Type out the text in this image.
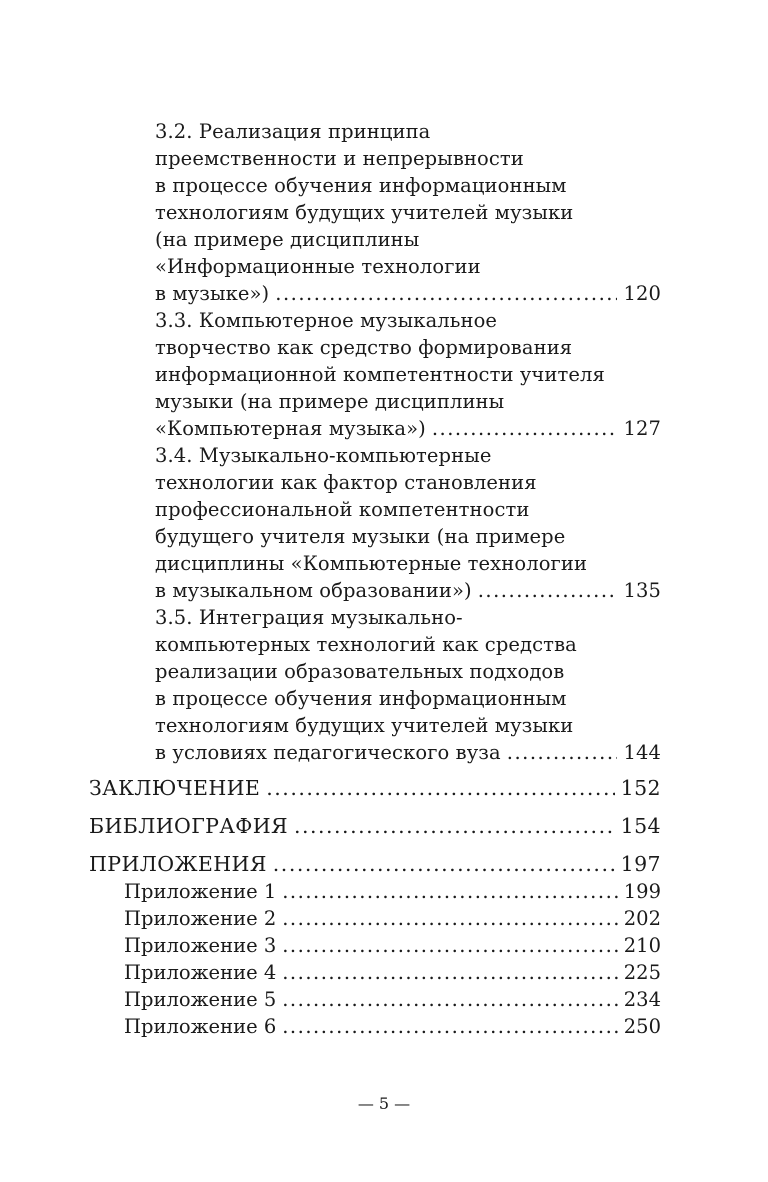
3.2. Реализация принципа
преемственности и непрерывности
в процессе обучения информационным
технологиям будущих учителей музыки
(на примере дисциплины
«Информационные технологии
в музыке») .....	120
3.3. Компьютерное музыкальное
творчество как средство формирования
информационной компетентности учителя
музыки (на примере дисциплины
«Компьютерная музыка») .....	127
3.4. Музыкально-компьютерные
технологии как фактор становления
профессиональной компетентности
будущего учителя музыки (на примере
дисциплины «Компьютерные технологии
в музыкальном образовании») .....	135
3.5. Интеграция музыкально-
компьютерных технологий как средства
реализации образовательных подходов
в процессе обучения информационным
технологиям будущих учителей музыки
в условиях педагогического вуза .....	144
ЗАКЛЮЧЕНИЕ .....	152
БИБЛИОГРАФИЯ .....	154
ПРИЛОЖЕНИЯ .....	197
Приложение 1 .....	199
Приложение 2 .....	202
Приложение 3 .....	210
Приложение 4 .....	225
Приложение 5 .....	234
Приложение 6 .....	250
— 5 —
